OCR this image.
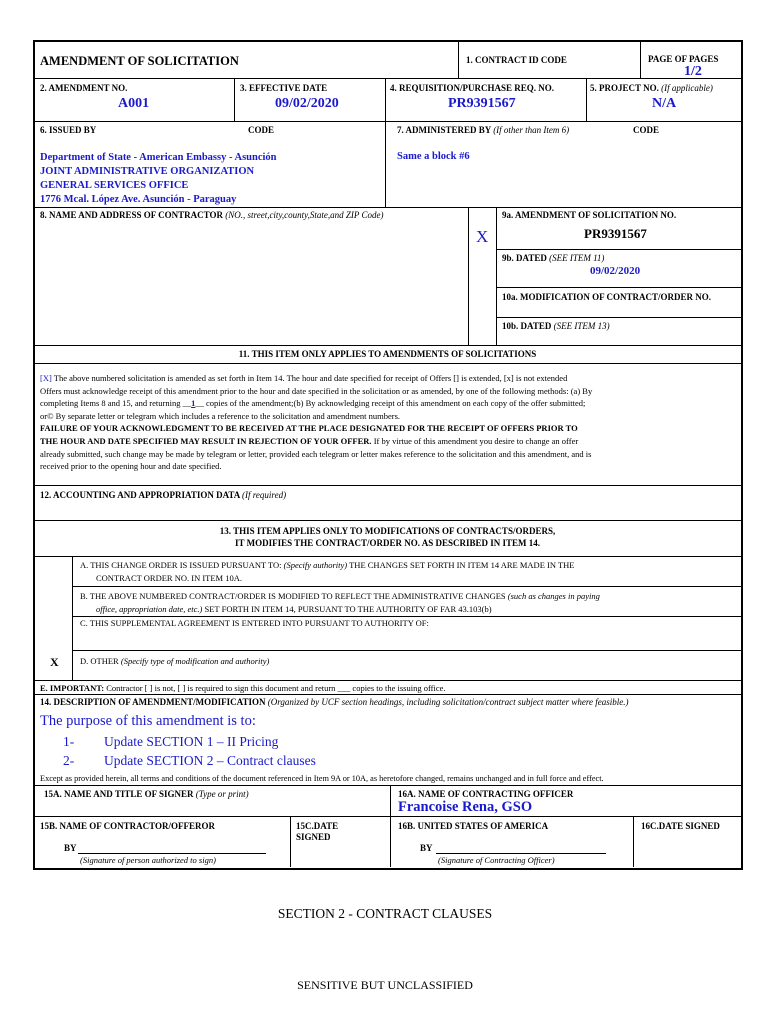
AMENDMENT OF SOLICITATION	1. CONTRACT ID CODE	PAGE OF PAGES
1/2
2. AMENDMENT NO.
A001
3. EFFECTIVE DATE
09/02/2020
4. REQUISITION/PURCHASE REQ. NO.
PR9391567
5. PROJECT NO. (If applicable)
N/A
6. ISSUED BY	CODE	7. ADMINISTERED BY (If other than Item 6)	CODE
Department of State - American Embassy - Asunción
JOINT ADMINISTRATIVE ORGANIZATION
GENERAL SERVICES OFFICE
1776 Mcal. López Ave. Asunción - Paraguay
Same a block #6
8. NAME AND ADDRESS OF CONTRACTOR (NO., street,city,county,State,and ZIP Code)
X
9a. AMENDMENT OF SOLICITATION NO.
PR9391567
9b. DATED (SEE ITEM 11)
09/02/2020
10a. MODIFICATION OF CONTRACT/ORDER NO.
10b. DATED (SEE ITEM 13)
11. THIS ITEM ONLY APPLIES TO AMENDMENTS OF SOLICITATIONS
[X] The above numbered solicitation is amended as set forth in Item 14. The hour and date specified for receipt of Offers [] is extended, [x] is not extended
Offers must acknowledge receipt of this amendment prior to the hour and date specified in the solicitation or as amended, by one of the following methods: (a) By
completing Items 8 and 15, and returning __1__ copies of the amendment;(b) By acknowledging receipt of this amendment on each copy of the offer submitted;
or© By separate letter or telegram which includes a reference to the solicitation and amendment numbers.
FAILURE OF YOUR ACKNOWLEDGMENT TO BE RECEIVED AT THE PLACE DESIGNATED FOR THE RECEIPT OF OFFERS PRIOR TO
THE HOUR AND DATE SPECIFIED MAY RESULT IN REJECTION OF YOUR OFFER. If by virtue of this amendment you desire to change an offer
already submitted, such change may be made by telegram or letter, provided each telegram or letter makes reference to the solicitation and this amendment, and is
received prior to the opening hour and date specified.
12. ACCOUNTING AND APPROPRIATION DATA (If required)
13. THIS ITEM APPLIES ONLY TO MODIFICATIONS OF CONTRACTS/ORDERS,
IT MODIFIES THE CONTRACT/ORDER NO. AS DESCRIBED IN ITEM 14.
A. THIS CHANGE ORDER IS ISSUED PURSUANT TO: (Specify authority) THE CHANGES SET FORTH IN ITEM 14 ARE MADE IN THE
CONTRACT ORDER NO. IN ITEM 10A.
B. THE ABOVE NUMBERED CONTRACT/ORDER IS MODIFIED TO REFLECT THE ADMINISTRATIVE CHANGES (such as changes in paying
office, appropriation date, etc.) SET FORTH IN ITEM 14, PURSUANT TO THE AUTHORITY OF FAR 43.103(b)
C. THIS SUPPLEMENTAL AGREEMENT IS ENTERED INTO PURSUANT TO AUTHORITY OF:
X	D. OTHER (Specify type of modification and authority)
E. IMPORTANT: Contractor [ ] is not, [ ] is required to sign this document and return ___ copies to the issuing office.
14. DESCRIPTION OF AMENDMENT/MODIFICATION (Organized by UCF section headings, including solicitation/contract subject matter where feasible.)
The purpose of this amendment is to:
1- Update SECTION 1 – II Pricing
2- Update SECTION 2 – Contract clauses
Except as provided herein, all terms and conditions of the document referenced in Item 9A or 10A, as heretofore changed, remains unchanged and in full force and effect.
15A. NAME AND TITLE OF SIGNER (Type or print)	16A. NAME OF CONTRACTING OFFICER
Francoise Rena, GSO
15B. NAME OF CONTRACTOR/OFFEROR	15C.DATE
SIGNED
16B. UNITED STATES OF AMERICA	16C.DATE SIGNED
BY
(Signature of person authorized to sign)
BY
(Signature of Contracting Officer)
SECTION 2 - CONTRACT CLAUSES
SENSITIVE BUT UNCLASSIFIED
